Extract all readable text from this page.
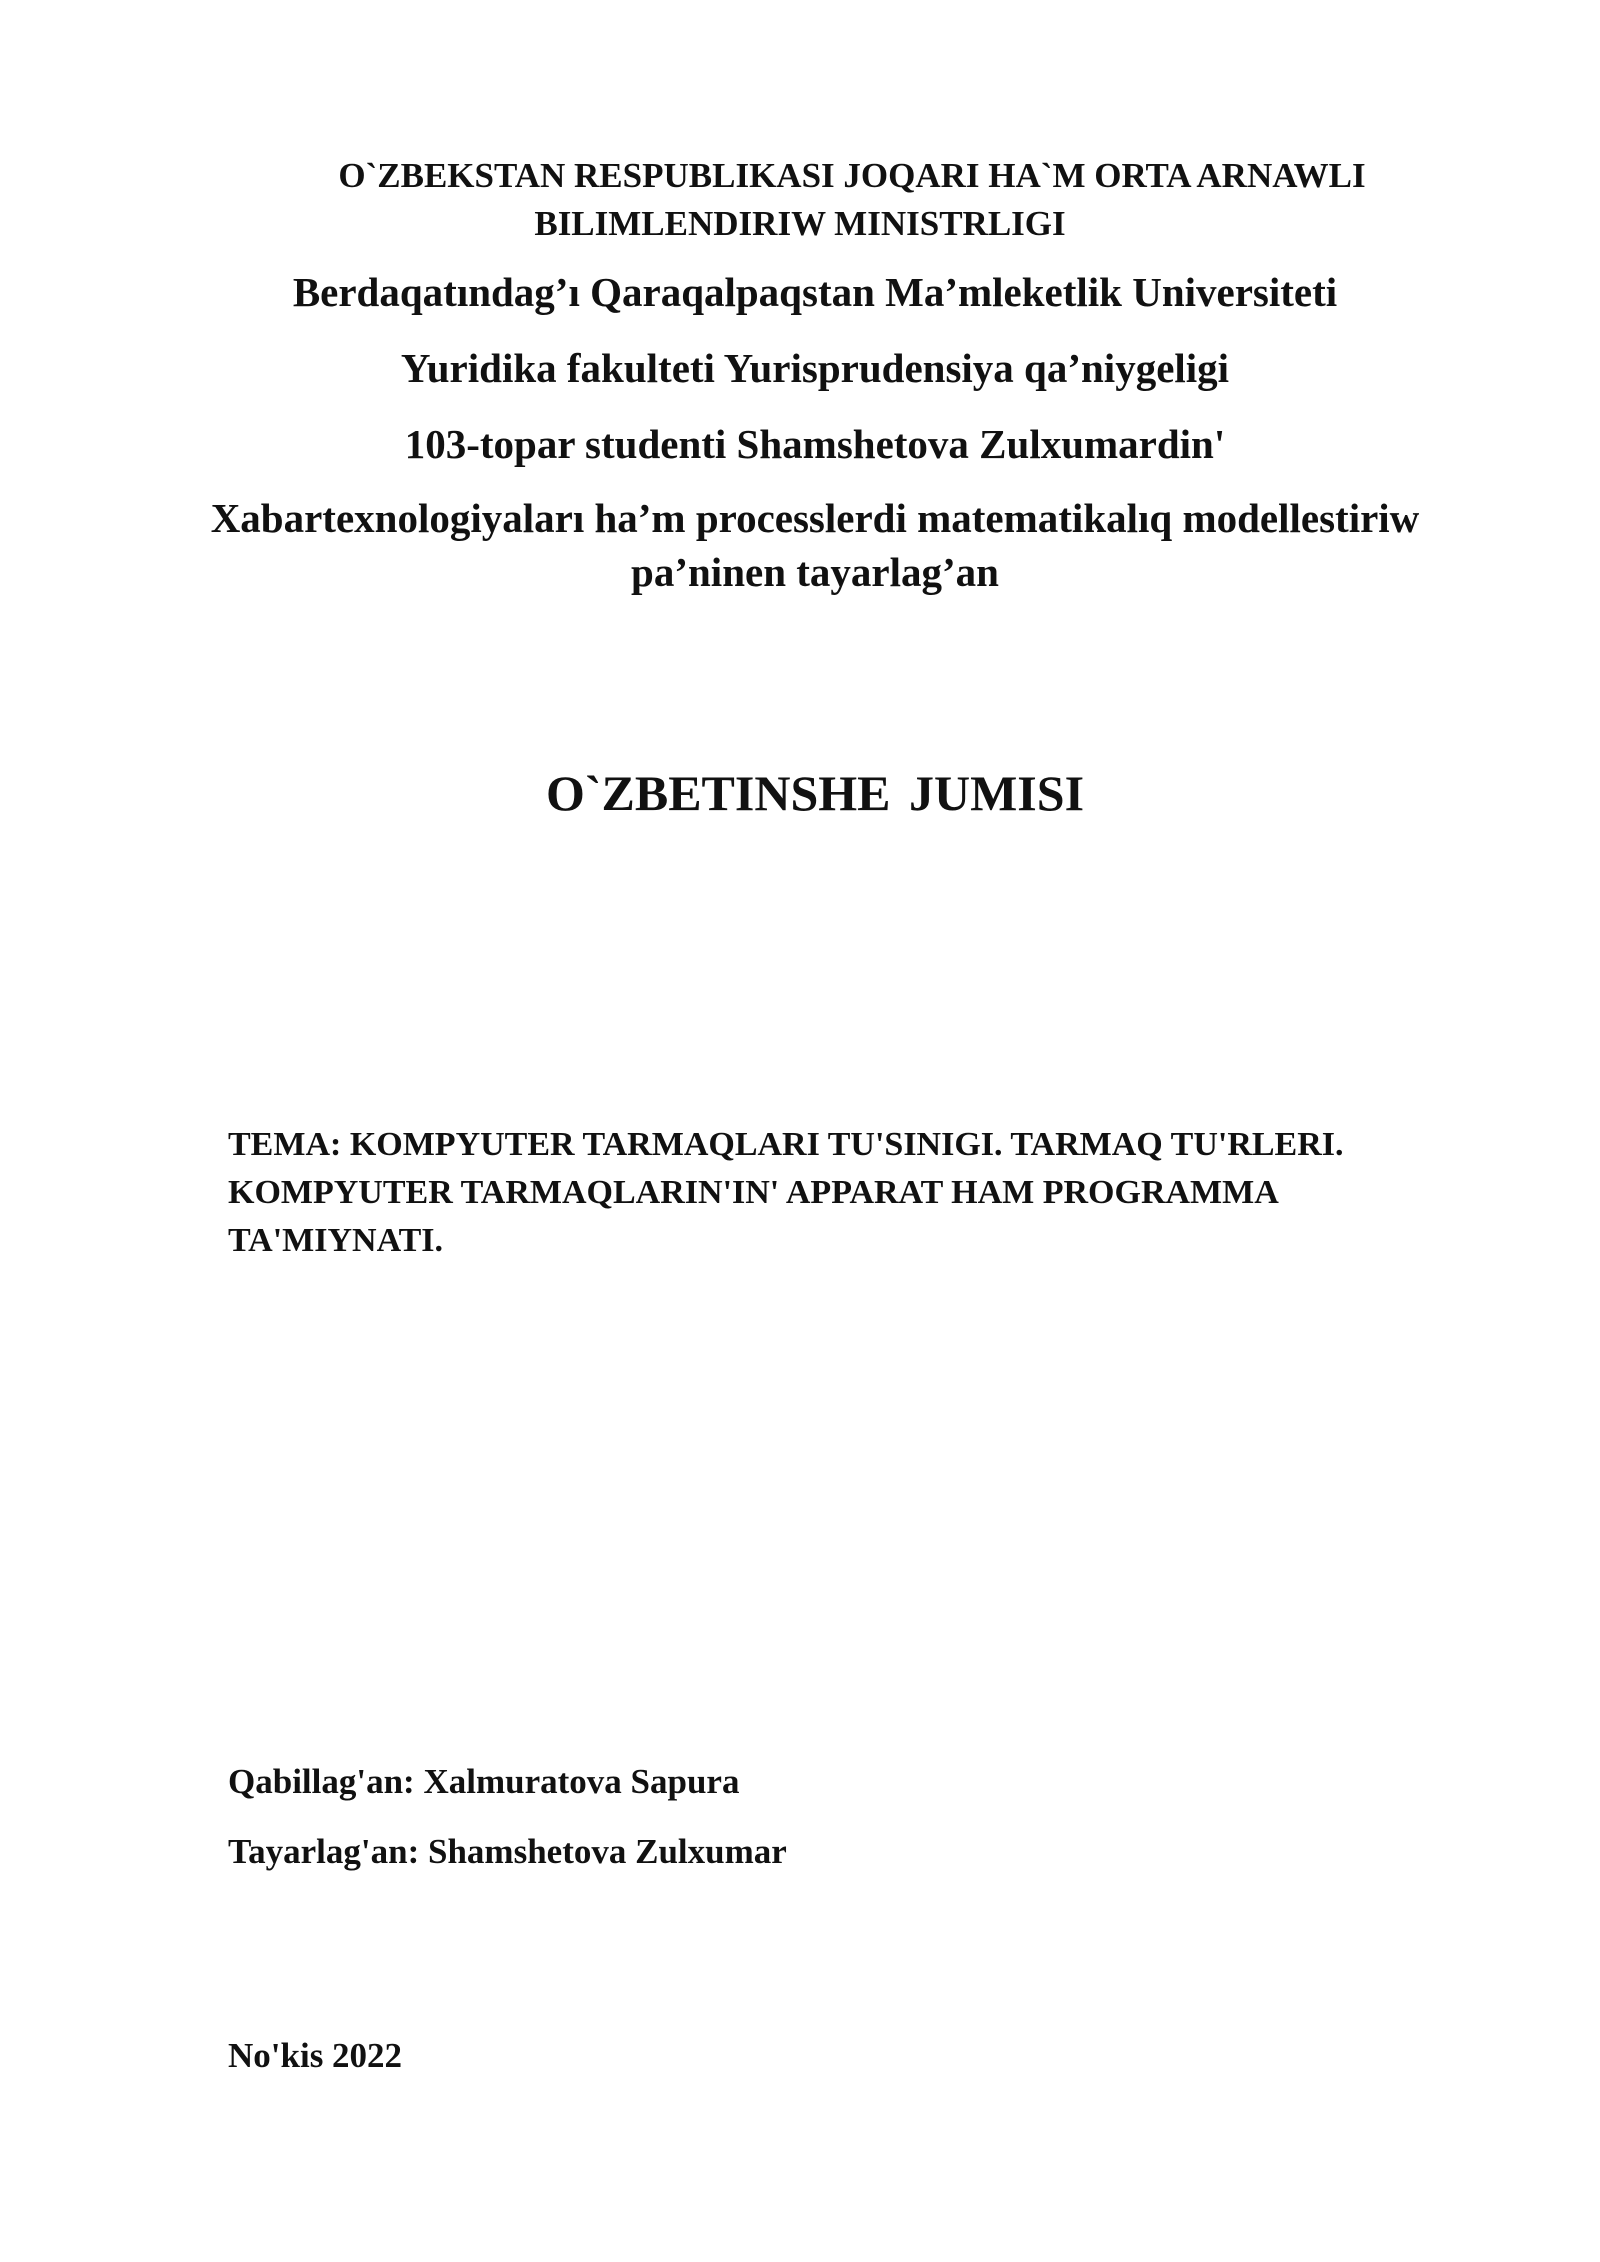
O`ZBEKSTAN RESPUBLIKASI JOQARI HA`M ORTA ARNAWLI
BILIMLENDIRIW MINISTRLIGI
Berdaqatındag’ı Qaraqalpaqstan Ma’mleketlik Universiteti
Yuridika fakulteti Yurisprudensiya qa’niygeligi
103-topar studenti Shamshetova Zulxumardin'
Xabartexnologiyaları ha’m processlerdi matematikalıq modellestiriw
pa’ninen tayarlag’an
O`ZBETINSHE JUMISI
TEMA: KOMPYUTER TARMAQLARI TU'SINIGI. TARMAQ TU'RLERI.
KOMPYUTER TARMAQLARIN'IN' APPARAT HAM PROGRAMMA
TA'MIYNATI.
Qabillag'an: Xalmuratova Sapura
Tayarlag'an: Shamshetova Zulxumar
No'kis 2022
